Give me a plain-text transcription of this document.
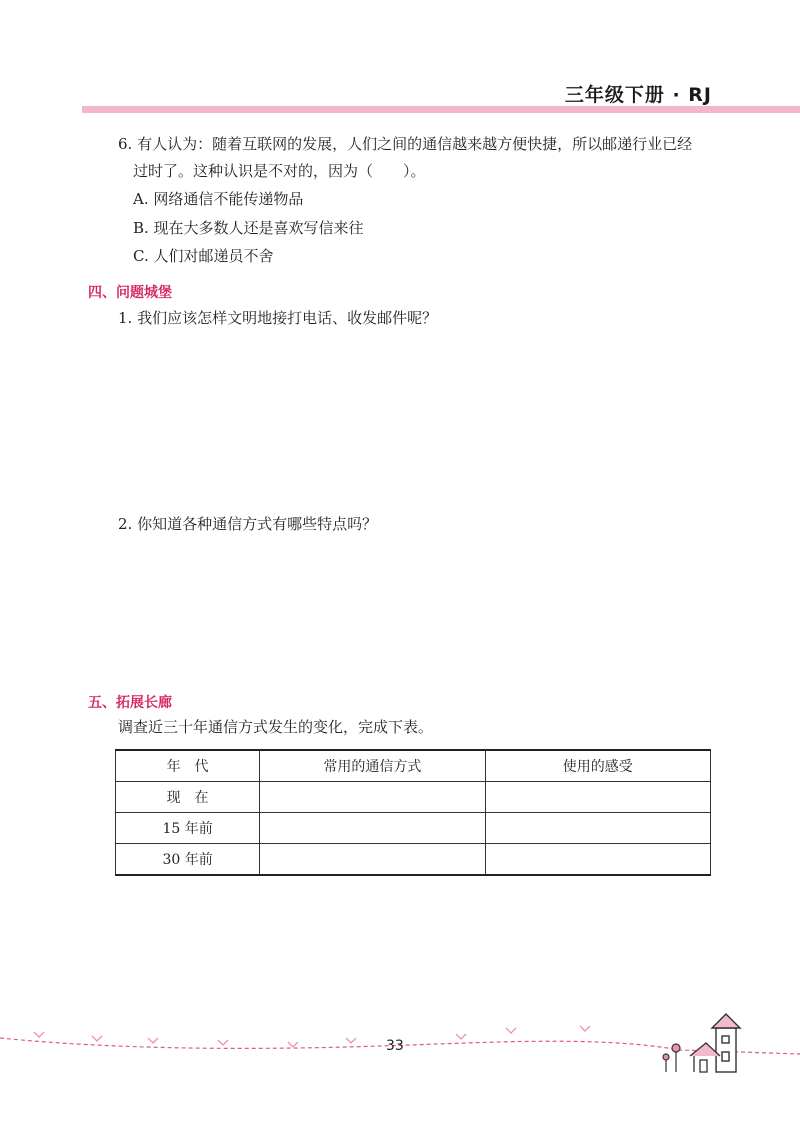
三年级下册 · RJ
6. 有人认为：随着互联网的发展，人们之间的通信越来越方便快捷，所以邮递行业已经
过时了。这种认识是不对的，因为（　　）。
A. 网络通信不能传递物品
B. 现在大多数人还是喜欢写信来往
C. 人们对邮递员不舍
四、问题城堡
1. 我们应该怎样文明地接打电话、收发邮件呢？
2. 你知道各种通信方式有哪些特点吗？
五、拓展长廊
调查近三十年通信方式发生的变化，完成下表。
年　代	常用的通信方式	使用的感受
现　在		
15 年前		
30 年前		
33
